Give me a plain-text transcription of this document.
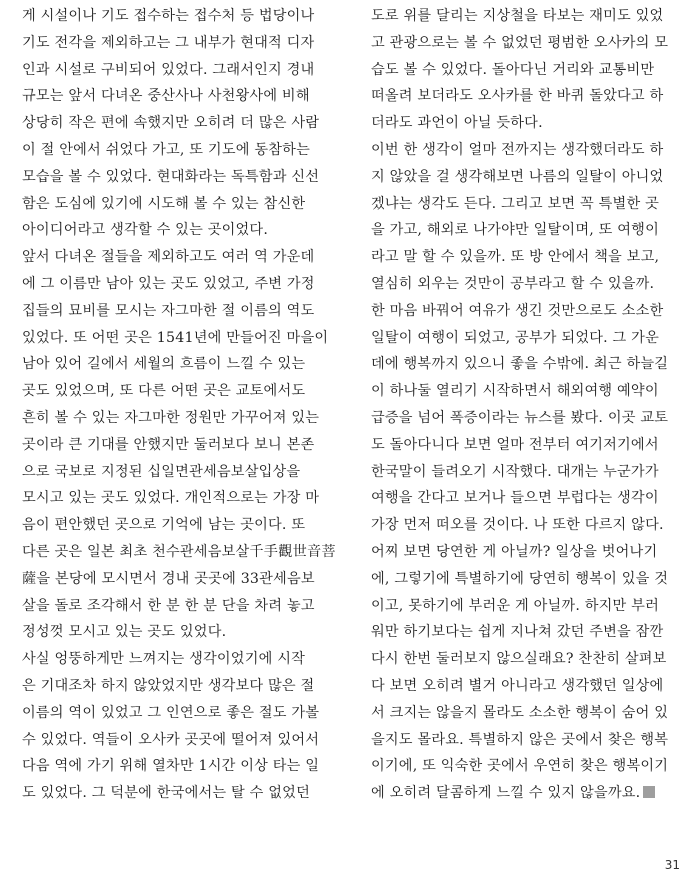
게 시설이나 기도 접수하는 접수처 등 법당이나
기도 전각을 제외하고는 그 내부가 현대적 디자
인과 시설로 구비되어 있었다. 그래서인지 경내
규모는 앞서 다녀온 중산사나 사천왕사에 비해
상당히 작은 편에 속했지만 오히려 더 많은 사람
이 절 안에서 쉬었다 가고, 또 기도에 동참하는
모습을 볼 수 있었다. 현대화라는 독특함과 신선
함은 도심에 있기에 시도해 볼 수 있는 참신한
아이디어라고 생각할 수 있는 곳이었다.
앞서 다녀온 절들을 제외하고도 여러 역 가운데
에 그 이름만 남아 있는 곳도 있었고, 주변 가정
집들의 묘비를 모시는 자그마한 절 이름의 역도
있었다. 또 어떤 곳은 1541년에 만들어진 마을이
남아 있어 길에서 세월의 흐름이 느낄 수 있는
곳도 있었으며, 또 다른 어떤 곳은 교토에서도
흔히 볼 수 있는 자그마한 정원만 가꾸어져 있는
곳이라 큰 기대를 안했지만 둘러보다 보니 본존
으로 국보로 지정된 십일면관세음보살입상을
모시고 있는 곳도 있었다. 개인적으로는 가장 마
음이 편안했던 곳으로 기억에 남는 곳이다. 또
다른 곳은 일본 최초 천수관세음보살千手觀世音菩
薩을 본당에 모시면서 경내 곳곳에 33관세음보
살을 돌로 조각해서 한 분 한 분 단을 차려 놓고
정성껏 모시고 있는 곳도 있었다.
사실 엉뚱하게만 느껴지는 생각이었기에 시작
은 기대조차 하지 않았었지만 생각보다 많은 절
이름의 역이 있었고 그 인연으로 좋은 절도 가볼
수 있었다. 역들이 오사카 곳곳에 떨어져 있어서
다음 역에 가기 위해 열차만 1시간 이상 타는 일
도 있었다. 그 덕분에 한국에서는 탈 수 없었던
도로 위를 달리는 지상철을 타보는 재미도 있었
고 관광으로는 볼 수 없었던 평범한 오사카의 모
습도 볼 수 있었다. 돌아다닌 거리와 교통비만
떠올려 보더라도 오사카를 한 바퀴 돌았다고 하
더라도 과언이 아닐 듯하다.
이번 한 생각이 얼마 전까지는 생각했더라도 하
지 않았을 걸 생각해보면 나름의 일탈이 아니었
겠냐는 생각도 든다. 그리고 보면 꼭 특별한 곳
을 가고, 해외로 나가야만 일탈이며, 또 여행이
라고 말 할 수 있을까. 또 방 안에서 책을 보고,
열심히 외우는 것만이 공부라고 할 수 있을까.
한 마음 바꿔어 여유가 생긴 것만으로도 소소한
일탈이 여행이 되었고, 공부가 되었다. 그 가운
데에 행복까지 있으니 좋을 수밖에. 최근 하늘길
이 하나둘 열리기 시작하면서 해외여행 예약이
급증을 넘어 폭증이라는 뉴스를 봤다. 이곳 교토
도 돌아다니다 보면 얼마 전부터 여기저기에서
한국말이 들려오기 시작했다. 대개는 누군가가
여행을 간다고 보거나 들으면 부럽다는 생각이
가장 먼저 떠오를 것이다. 나 또한 다르지 않다.
어찌 보면 당연한 게 아닐까? 일상을 벗어나기
에, 그렇기에 특별하기에 당연히 행복이 있을 것
이고, 못하기에 부러운 게 아닐까. 하지만 부러
워만 하기보다는 쉽게 지나쳐 갔던 주변을 잠깐
다시 한번 둘러보지 않으실래요? 찬찬히 살펴보
다 보면 오히려 별거 아니라고 생각했던 일상에
서 크지는 않을지 몰라도 소소한 행복이 숨어 있
을지도 몰라요. 특별하지 않은 곳에서 찾은 행복
이기에, 또 익숙한 곳에서 우연히 찾은 행복이기
에 오히려 달콤하게 느낄 수 있지 않을까요.
31
